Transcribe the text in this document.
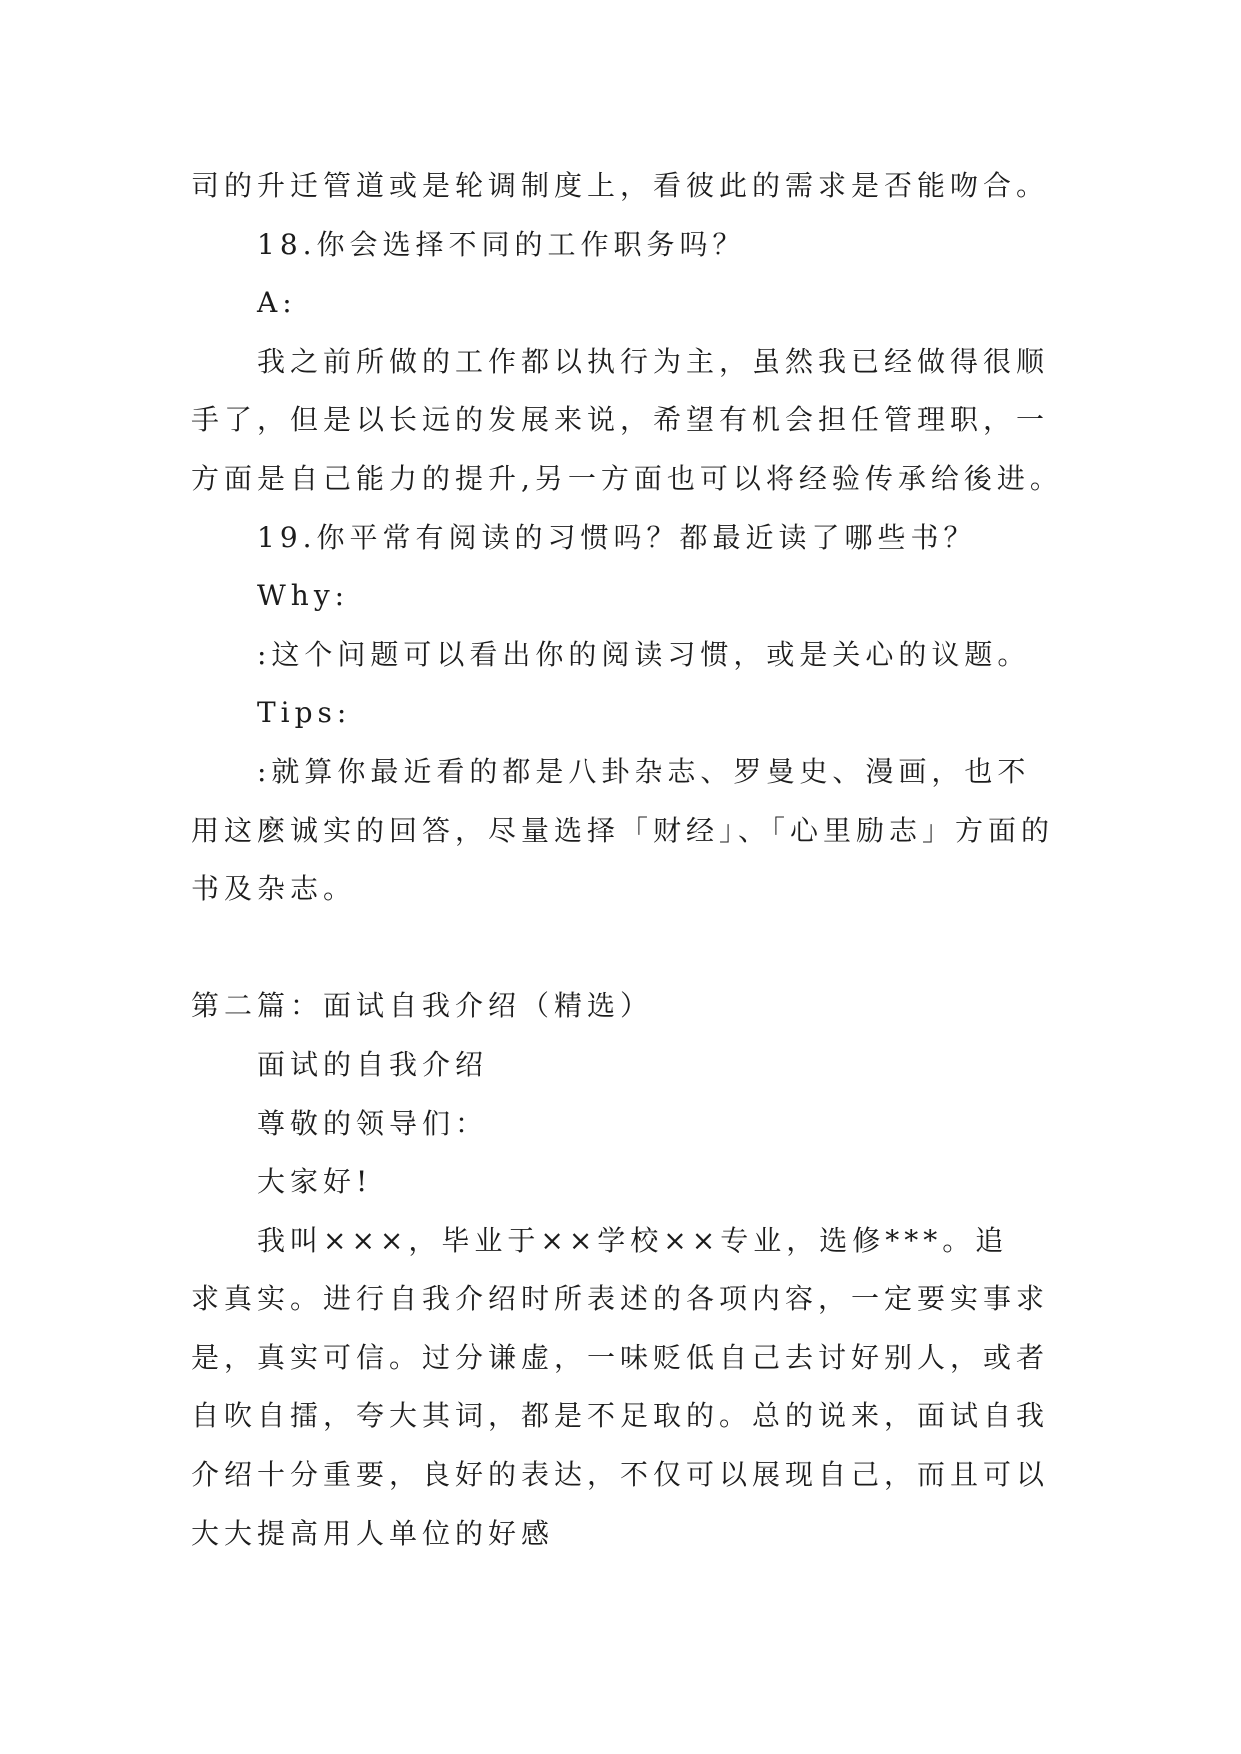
司的升迁管道或是轮调制度上，看彼此的需求是否能吻合。
18.你会选择不同的工作职务吗？
A:
我之前所做的工作都以执行为主，虽然我已经做得很顺
手了，但是以长远的发展来说，希望有机会担任管理职，一
方面是自己能力的提升,另一方面也可以将经验传承给後进。
19.你平常有阅读的习惯吗？都最近读了哪些书？
Why:
:这个问题可以看出你的阅读习惯，或是关心的议题。
Tips:
:就算你最近看的都是八卦杂志、罗曼史、漫画，也不
用这麽诚实的回答，尽量选择「财经」、「心里励志」方面的
书及杂志。
第二篇：面试自我介绍（精选）
面试的自我介绍
尊敬的领导们：
大家好!
我叫×××，毕业于××学校××专业，选修***。追
求真实。进行自我介绍时所表述的各项内容，一定要实事求
是，真实可信。过分谦虚，一味贬低自己去讨好别人，或者
自吹自擂，夸大其词，都是不足取的。总的说来，面试自我
介绍十分重要，良好的表达，不仅可以展现自己，而且可以
大大提高用人单位的好感
